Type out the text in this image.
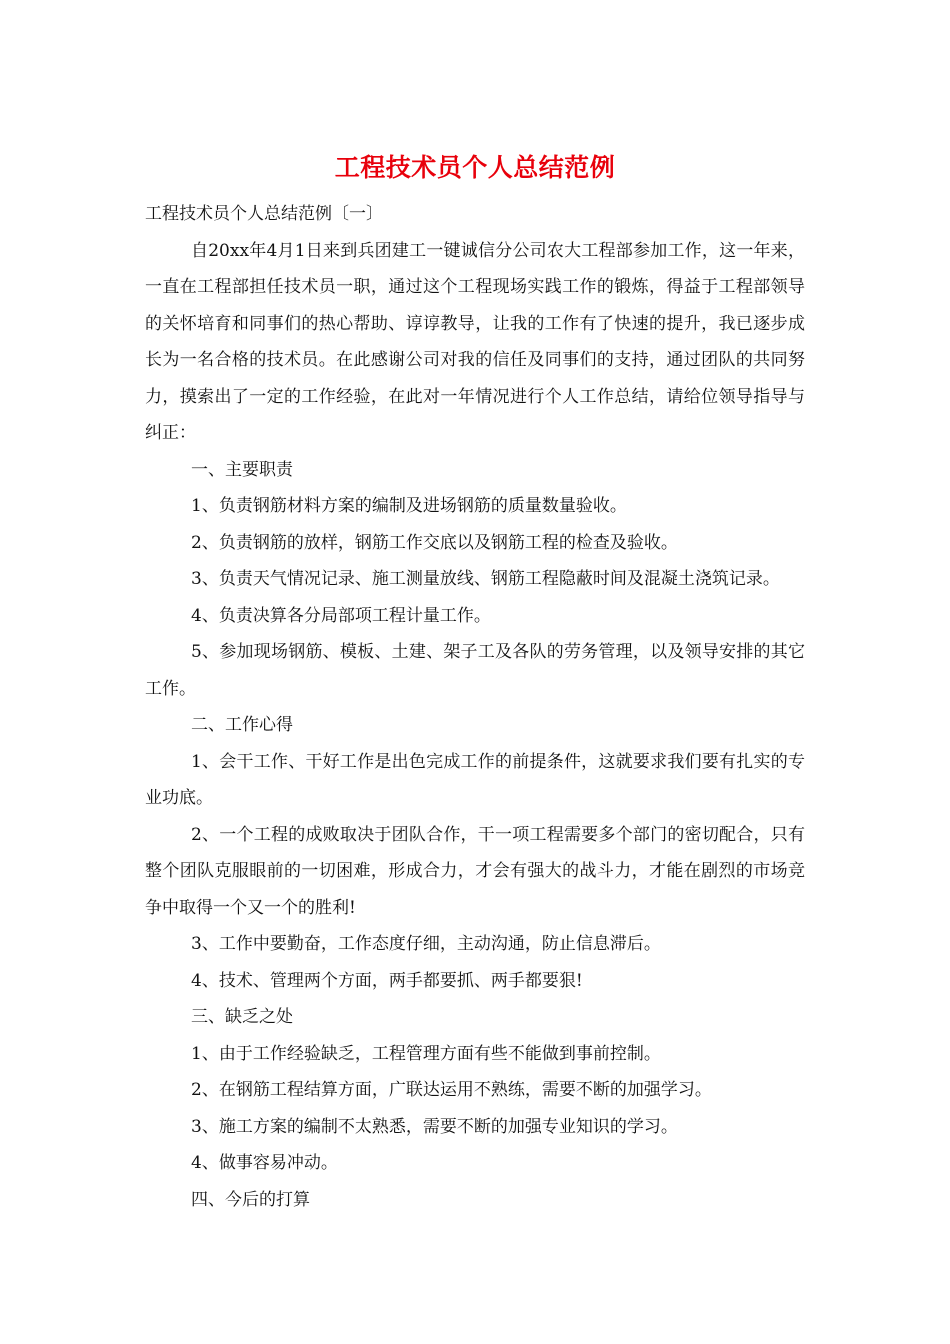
工程技术员个人总结范例

工程技术员个人总结范例〔一〕

自20xx年4月1日来到兵团建工一键诚信分公司农大工程部参加工作，这一年来，一直在工程部担任技术员一职，通过这个工程现场实践工作的锻炼，得益于工程部领导的关怀培育和同事们的热心帮助、谆谆教导，让我的工作有了快速的提升，我已逐步成长为一名合格的技术员。在此感谢公司对我的信任及同事们的支持，通过团队的共同努力，摸索出了一定的工作经验，在此对一年情况进行个人工作总结，请给位领导指导与纠正：

一、主要职责

1、负责钢筋材料方案的编制及进场钢筋的质量数量验收。

2、负责钢筋的放样，钢筋工作交底以及钢筋工程的检查及验收。

3、负责天气情况记录、施工测量放线、钢筋工程隐蔽时间及混凝土浇筑记录。

4、负责决算各分局部项工程计量工作。

5、参加现场钢筋、模板、土建、架子工及各队的劳务管理，以及领导安排的其它工作。

二、工作心得

1、会干工作、干好工作是出色完成工作的前提条件，这就要求我们要有扎实的专业功底。

2、一个工程的成败取决于团队合作，干一项工程需要多个部门的密切配合，只有整个团队克服眼前的一切困难，形成合力，才会有强大的战斗力，才能在剧烈的市场竞争中取得一个又一个的胜利!

3、工作中要勤奋，工作态度仔细，主动沟通，防止信息滞后。

4、技术、管理两个方面，两手都要抓、两手都要狠!

三、缺乏之处

1、由于工作经验缺乏，工程管理方面有些不能做到事前控制。

2、在钢筋工程结算方面，广联达运用不熟练，需要不断的加强学习。

3、施工方案的编制不太熟悉，需要不断的加强专业知识的学习。

4、做事容易冲动。

四、今后的打算
